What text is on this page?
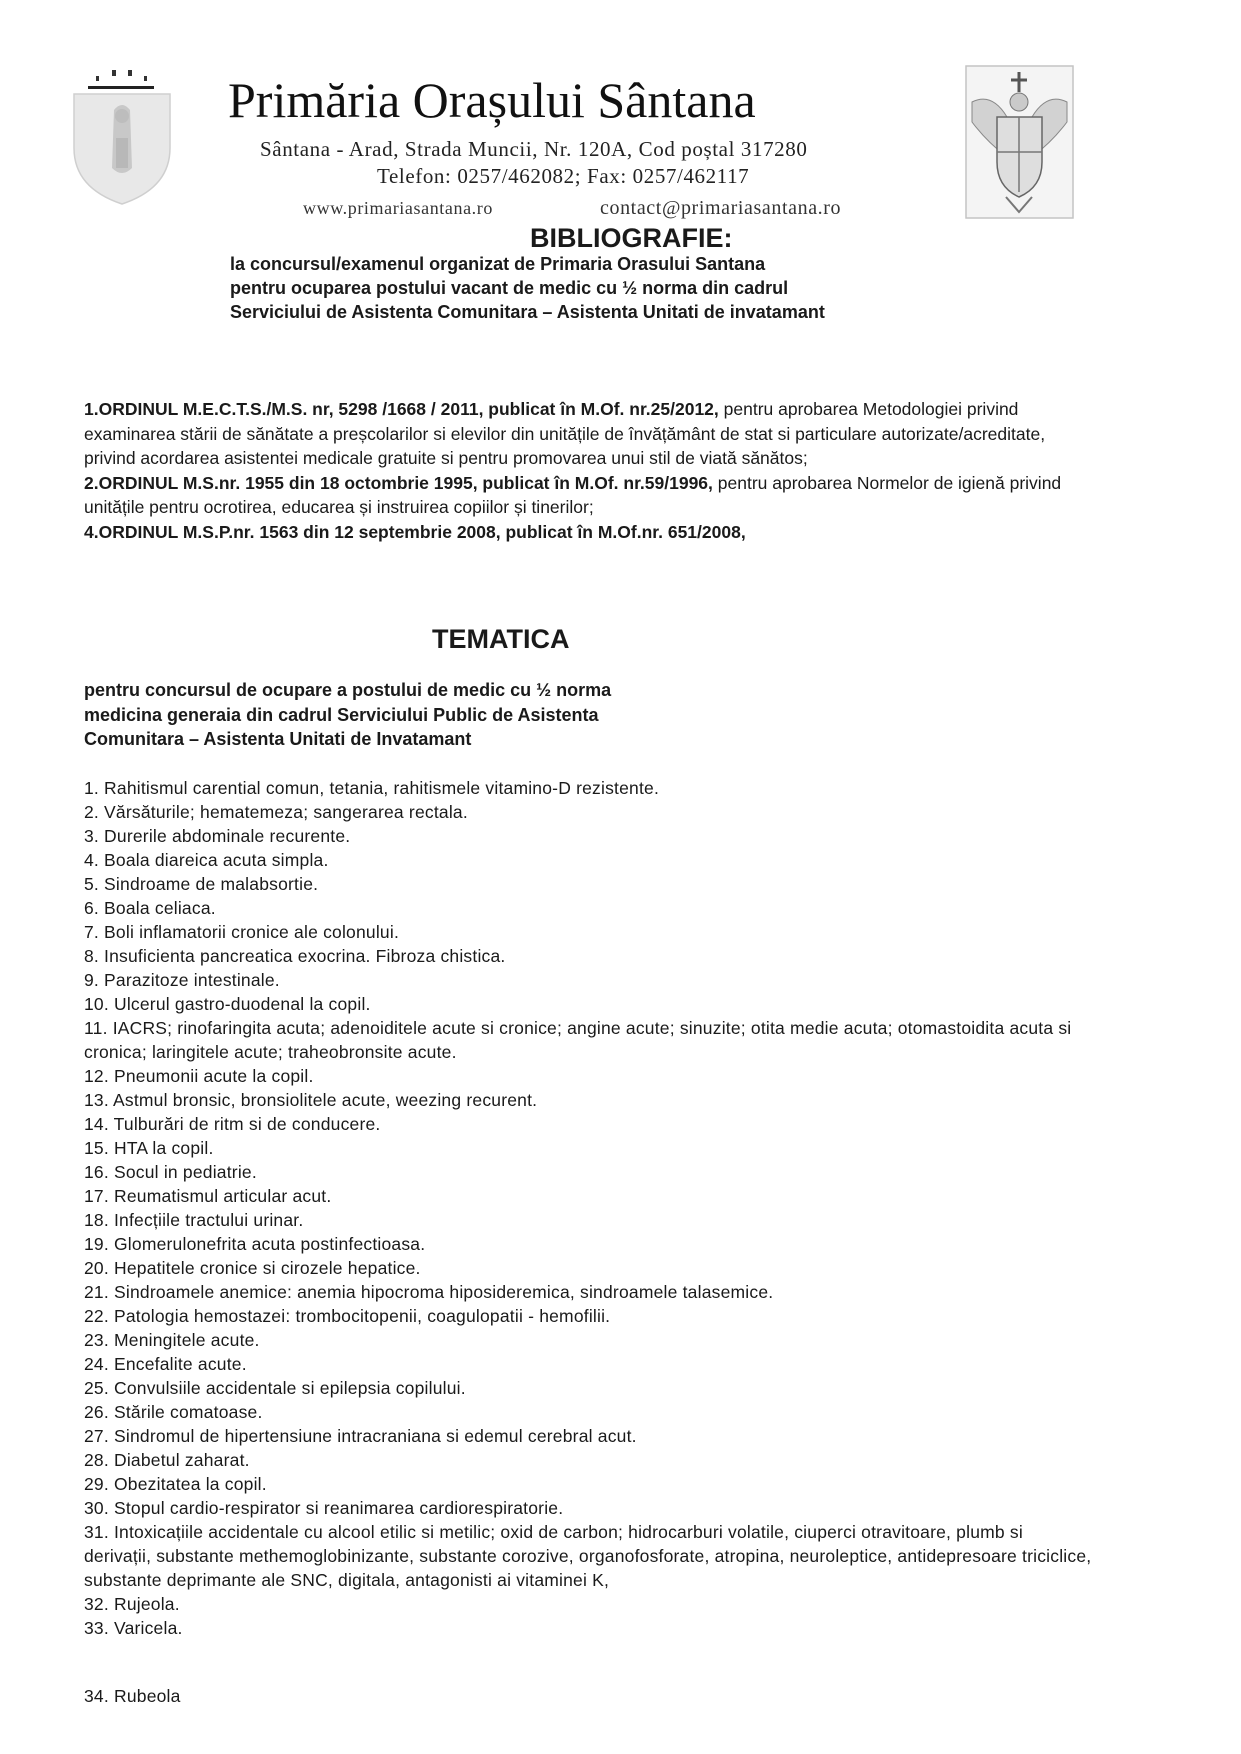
Primăria Orașului Sântana
Sântana - Arad, Strada Muncii, Nr. 120A, Cod poștal 317280
Telefon: 0257/462082; Fax: 0257/462117
www.primariasantana.ro	contact@primariasantana.ro
BIBLIOGRAFIE:
la concursul/examenul organizat de Primaria Orasului Santana
pentru ocuparea postului vacant de medic cu ½ norma din cadrul
Serviciului de Asistenta Comunitara – Asistenta Unitati de invatamant

1.ORDINUL M.E.C.T.S./M.S. nr, 5298 /1668 / 2011, publicat în M.Of. nr.25/2012, pentru aprobarea Metodologiei privind examinarea stării de sănătate a preșcolarilor si elevilor din unitățile de învățământ de stat si particulare autorizate/acreditate, privind acordarea asistentei medicale gratuite si pentru promovarea unui stil de viată sănătos;

2.ORDINUL M.S.nr. 1955 din 18 octombrie 1995, publicat în M.Of. nr.59/1996, pentru aprobarea Normelor de igienă privind unitățile pentru ocrotirea, educarea și instruirea copiilor și tinerilor;

4.ORDINUL M.S.P.nr. 1563 din 12 septembrie 2008, publicat în M.Of.nr. 651/2008,

TEMATICA
pentru concursul de ocupare a postului de medic cu ½ norma
medicina generaia din cadrul Serviciului Public de Asistenta
Comunitara – Asistenta Unitati de Invatamant
1. Rahitismul carential comun, tetania, rahitismele vitamino-D rezistente.
2. Vărsăturile; hematemeza; sangerarea rectala.
3. Durerile abdominale recurente.
4. Boala diareica acuta simpla.
5. Sindroame de malabsortie.
6. Boala celiaca.
7. Boli inflamatorii cronice ale colonului.
8. Insuficienta pancreatica exocrina. Fibroza chistica.
9. Parazitoze intestinale.
10. Ulcerul gastro-duodenal la copil.
11. IACRS; rinofaringita acuta; adenoiditele acute si cronice; angine acute; sinuzite; otita medie acuta; otomastoidita acuta si cronica; laringitele acute; traheobronsite acute.
12. Pneumonii acute la copil.
13. Astmul bronsic, bronsiolitele acute, weezing recurent.
14. Tulburări de ritm si de conducere.
15. HTA la copil.
16. Socul in pediatrie.
17. Reumatismul articular acut.
18. Infecțiile tractului urinar.
19. Glomerulonefrita acuta postinfectioasa.
20. Hepatitele cronice si cirozele hepatice.
21. Sindroamele anemice: anemia hipocroma hiposideremica, sindroamele talasemice.
22. Patologia hemostazei: trombocitopenii, coagulopatii - hemofilii.
23. Meningitele acute.
24. Encefalite acute.
25. Convulsiile accidentale si epilepsia copilului.
26. Stările comatoase.
27. Sindromul de hipertensiune intracraniana si edemul cerebral acut.
28. Diabetul zaharat.
29. Obezitatea la copil.
30. Stopul cardio-respirator si reanimarea cardiorespiratorie.
31. Intoxicațiile accidentale cu alcool etilic si metilic; oxid de carbon; hidrocarburi volatile, ciuperci otravitoare, plumb si derivații, substante methemoglobinizante, substante corozive, organofosforate, atropina, neuroleptice, antidepresoare triciclice, substante deprimante ale SNC, digitala, antagonisti ai vitaminei K,
32. Rujeola.
33. Varicela.
34. Rubeola
